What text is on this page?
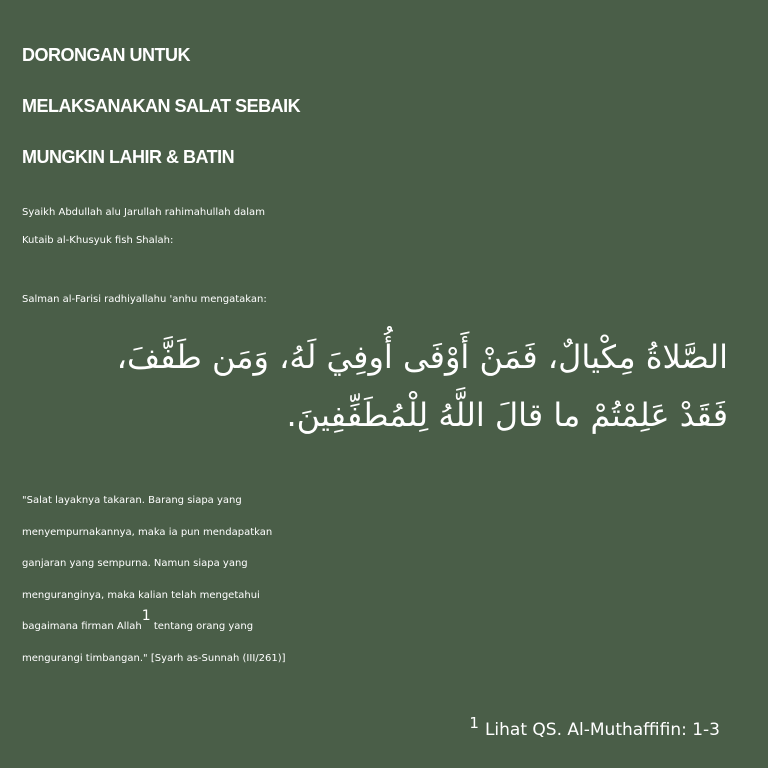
DORONGAN UNTUK
MELAKSANAKAN SALAT SEBAIK
MUNGKIN LAHIR & BATIN

Syaikh Abdullah alu Jarullah rahimahullah dalam
Kutaib al-Khusyuk fish Shalah:

Salman al-Farisi radhiyallahu 'anhu mengatakan:

الصَّلاةُ مِكْيالٌ، فَمَنْ أَوْفَى أُوفِيَ لَهُ، وَمَن طَفَّفَ،
فَقَدْ عَلِمْتُمْ ما قالَ اللَّهُ لِلْمُطَفِّفِينَ.

"Salat layaknya takaran. Barang siapa yang
menyempurnakannya, maka ia pun mendapatkan
ganjaran yang sempurna. Namun siapa yang
menguranginya, maka kalian telah mengetahui
bagaimana firman Allah$^1$ tentang orang yang
mengurangi timbangan." [Syarh as-Sunnah (III/261)]

$^1$ Lihat QS. Al-Muthaffifin: 1-3
